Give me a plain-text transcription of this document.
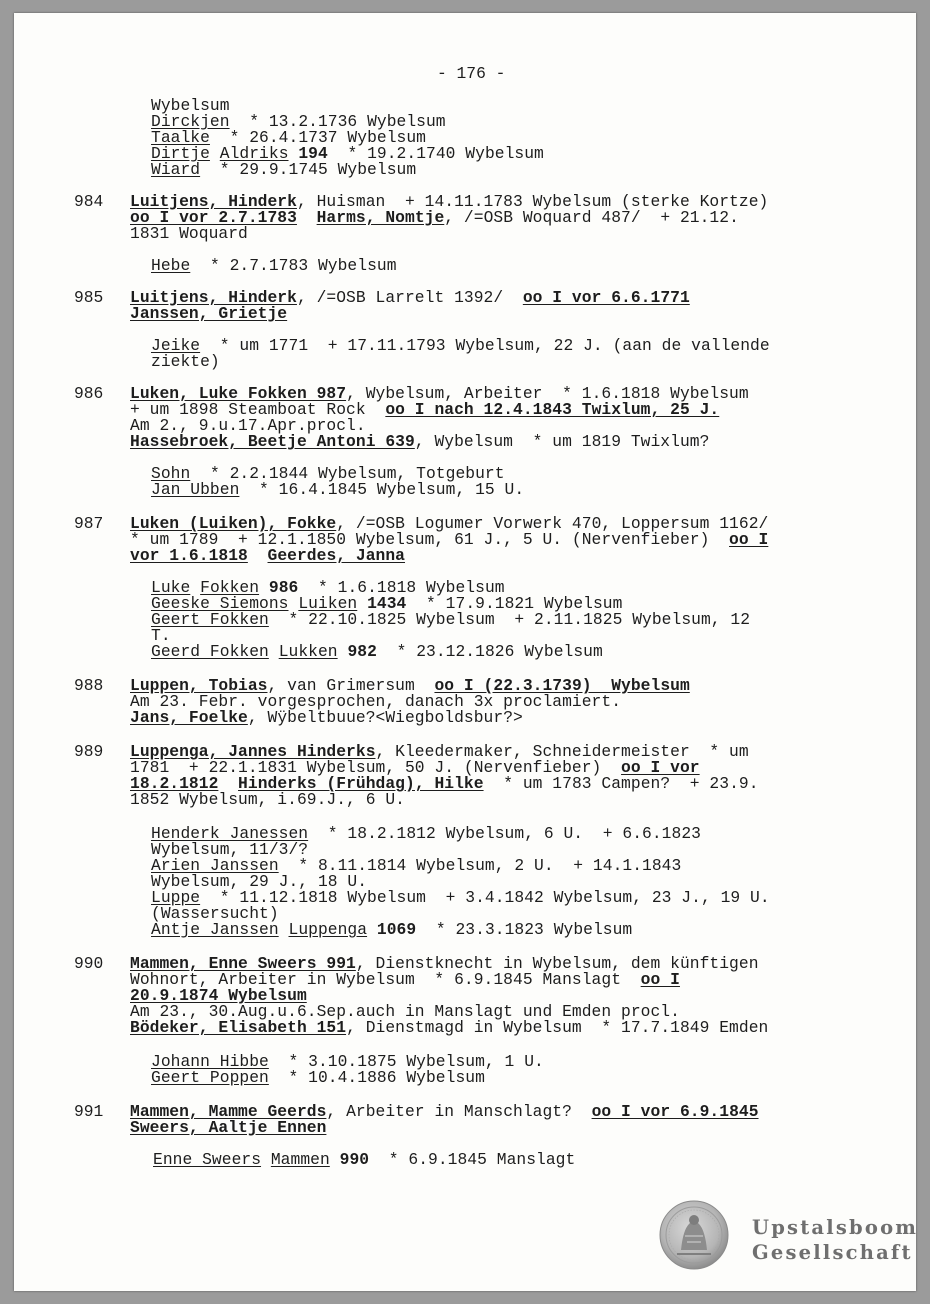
- 176 -
Wybelsum
Dirckjen  * 13.2.1736 Wybelsum
Taalke  * 26.4.1737 Wybelsum
Dirtje Aldriks 194  * 19.2.1740 Wybelsum
Wiard  * 29.9.1745 Wybelsum
Luitjens, Hinderk, Huisman  + 14.11.1783 Wybelsum (sterke Kortze)
oo I vor 2.7.1783 Harms, Nomtje, /=OSB Woquard 487/  + 21.12.
1831 Woquard
Hebe  * 2.7.1783 Wybelsum
Luitjens, Hinderk, /=OSB Larrelt 1392/  oo I vor 6.6.1771
Janssen, Grietje
Jeike  * um 1771  + 17.11.1793 Wybelsum, 22 J. (aan de vallende
ziekte)
Luken, Luke Fokken 987, Wybelsum, Arbeiter  * 1.6.1818 Wybelsum
+ um 1898 Steamboat Rock  oo I nach 12.4.1843 Twixlum, 25 J.
Am 2., 9.u.17.Apr.procl.
Hassebroek, Beetje Antoni 639, Wybelsum  * um 1819 Twixlum?
Sohn  * 2.2.1844 Wybelsum, Totgeburt
Jan Ubben  * 16.4.1845 Wybelsum, 15 U.
Luken (Luiken), Fokke, /=OSB Logumer Vorwerk 470, Loppersum 1162/
* um 1789  + 12.1.1850 Wybelsum, 61 J., 5 U. (Nervenfieber)  oo I
vor 1.6.1818 Geerdes, Janna
Luke Fokken 986  * 1.6.1818 Wybelsum
Geeske Siemons Luiken 1434  * 17.9.1821 Wybelsum
Geert Fokken  * 22.10.1825 Wybelsum  + 2.11.1825 Wybelsum, 12
T.
Geerd Fokken Lukken 982  * 23.12.1826 Wybelsum
Luppen, Tobias, van Grimersum  oo I (22.3.1739)  Wybelsum
Am 23. Febr. vorgesprochen, danach 3x proclamiert.
Jans, Foelke, Wÿbeltbuue?<Wiegboldsbur?>
Luppenga, Jannes Hinderks, Kleedermaker, Schneidermeister  * um
1781  + 22.1.1831 Wybelsum, 50 J. (Nervenfieber)  oo I vor
18.2.1812 Hinderks (Frühdag), Hilke  * um 1783 Campen?  + 23.9.
1852 Wybelsum, i.69.J., 6 U.
Henderk Janessen  * 18.2.1812 Wybelsum, 6 U.  + 6.6.1823
Wybelsum, 11/3/?
Arien Janssen  * 8.11.1814 Wybelsum, 2 U.  + 14.1.1843
Wybelsum, 29 J., 18 U.
Luppe  * 11.12.1818 Wybelsum  + 3.4.1842 Wybelsum, 23 J., 19 U.
(Wassersucht)
Antje Janssen Luppenga 1069  * 23.3.1823 Wybelsum
Mammen, Enne Sweers 991, Dienstknecht in Wybelsum, dem künftigen
Wohnort, Arbeiter in Wybelsum  * 6.9.1845 Manslagt  oo I
20.9.1874 Wybelsum
Am 23., 30.Aug.u.6.Sep.auch in Manslagt und Emden procl.
Bödeker, Elisabeth 151, Dienstmagd in Wybelsum  * 17.7.1849 Emden
Johann Hibbe  * 3.10.1875 Wybelsum, 1 U.
Geert Poppen  * 10.4.1886 Wybelsum
Mammen, Mamme Geerds, Arbeiter in Manschlagt?  oo I vor 6.9.1845
Sweers, Aaltje Ennen
Enne Sweers Mammen 990  * 6.9.1845 Manslagt
984
985
986
987
988
989
990
991
Upstalsboom
Gesellschaft
